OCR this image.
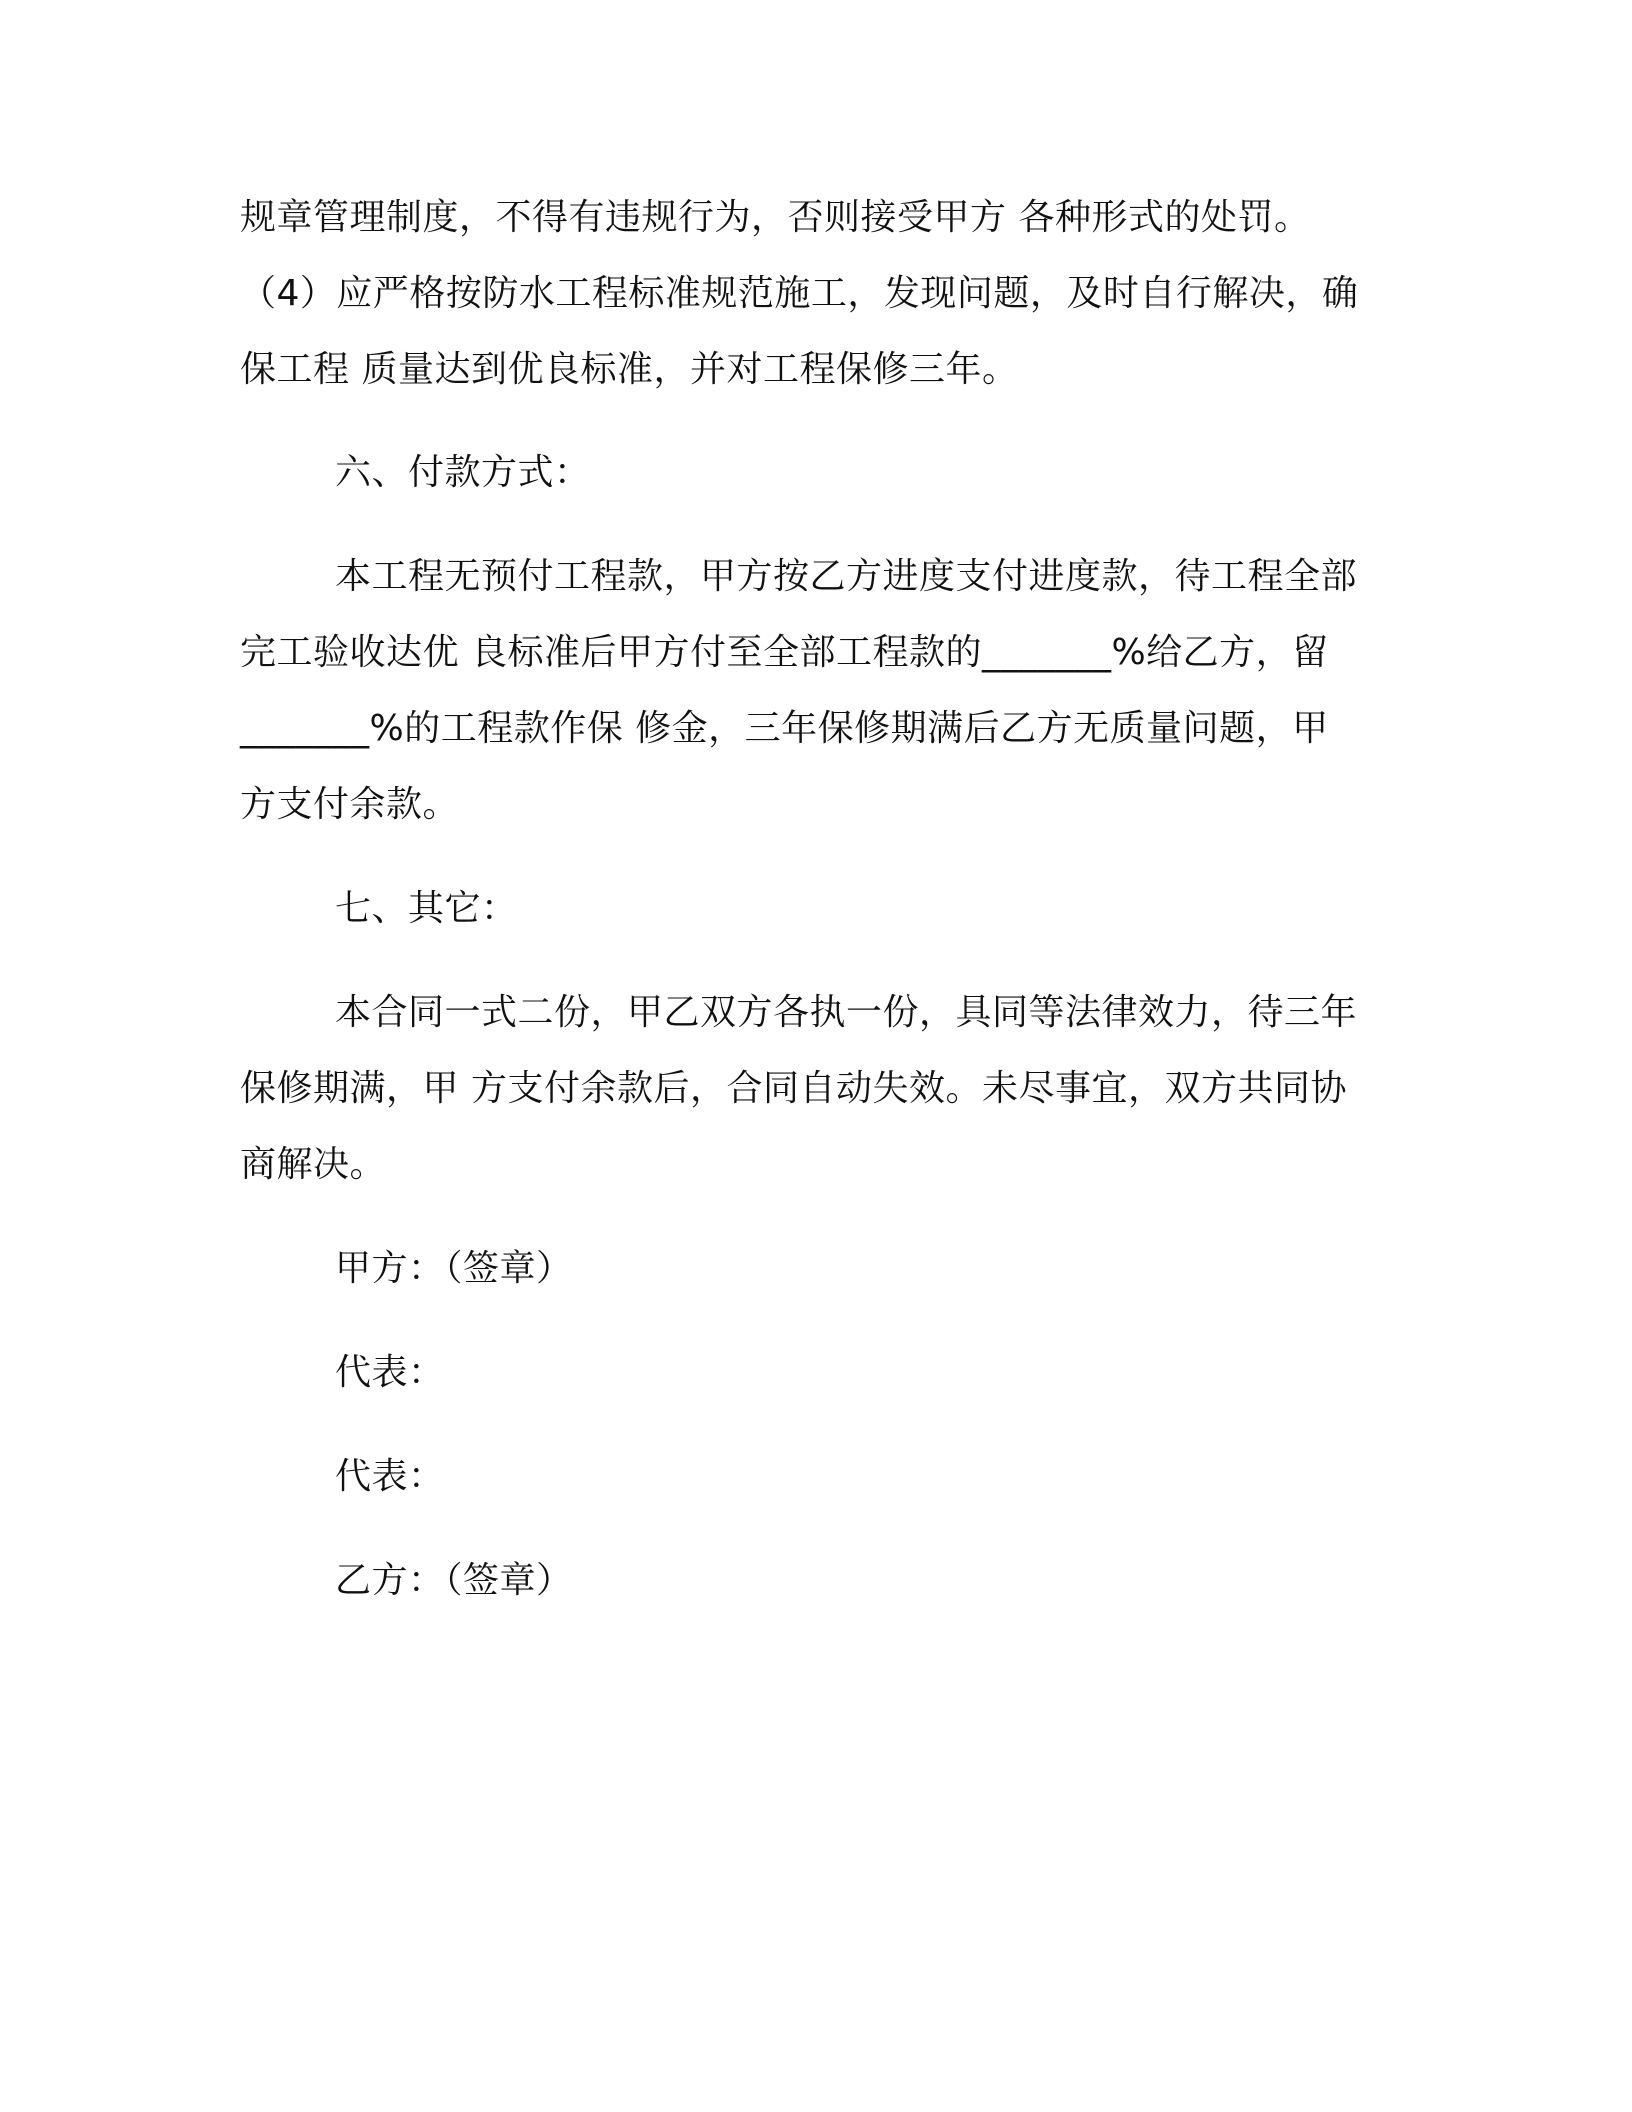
规章管理制度，不得有违规行为，否则接受甲方 各种形式的处罚。
（4）应严格按防水工程标准规范施工，发现问题，及时自行解决，确
保工程 质量达到优良标准，并对工程保修三年。
六、付款方式：
本工程无预付工程款，甲方按乙方进度支付进度款，待工程全部
完工验收达优 良标准后甲方付至全部工程款的_______%给乙方，留
_______%的工程款作保 修金，三年保修期满后乙方无质量问题，甲
方支付余款。
七、其它：
本合同一式二份，甲乙双方各执一份，具同等法律效力，待三年
保修期满，甲 方支付余款后，合同自动失效。未尽事宜，双方共同协
商解决。
甲方：（签章）
代表：
代表：
乙方：（签章）
